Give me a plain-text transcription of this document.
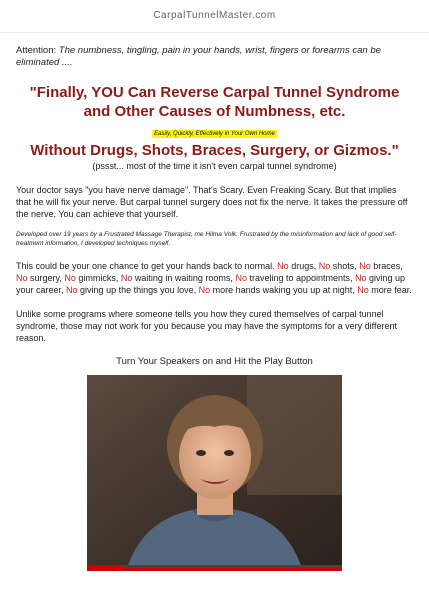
CarpalTunnelMaster.com
Attention: The numbness, tingling, pain in your hands, wrist, fingers or forearms can be eliminated ....
"Finally, YOU Can Reverse Carpal Tunnel Syndrome and Other Causes of Numbness, etc.
Easily, Quickly, Effectively in Your Own Home
Without Drugs, Shots, Braces, Surgery, or Gizmos."
(pssst... most of the time it isn't even carpal tunnel syndrome)
Your doctor says "you have nerve damage". That's Scary. Even Freaking Scary. But that implies that he will fix your nerve. But carpal tunnel surgery does not fix the nerve. It takes the pressure off the nerve. You can achieve that yourself.
Developed over 19 years by a Frustrated Massage Therapist, me Hilma Volk. Frustrated by the misinformation and lack of good self-treatment information, I developed techniques myself.
This could be your one chance to get your hands back to normal. No drugs, No shots, No braces, No surgery, No gimmicks, No waiting in waiting rooms, No traveling to appointments, No giving up your career, No giving up the things you love, No more hands waking you up at night, No more fear.
Unlike some programs where someone tells you how they cured themselves of carpal tunnel syndrome, those may not work for you because you may have the symptoms for a very different reason.
Turn Your Speakers on and Hit the Play Button
